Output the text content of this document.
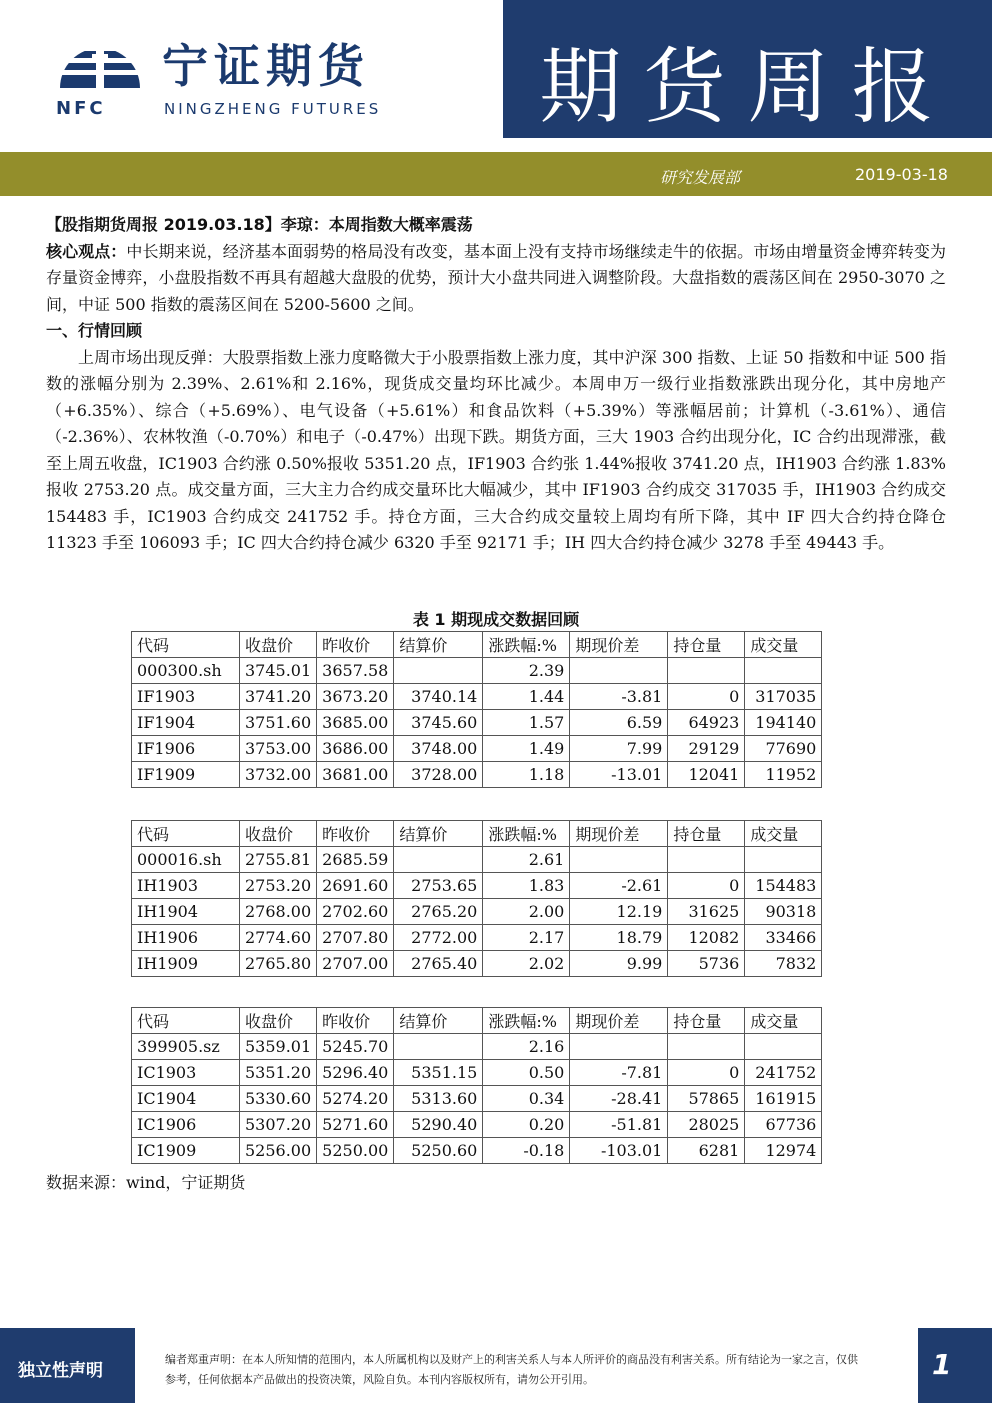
NFC
宁证期货
NINGZHENG FUTURES	期货周报
研究发展部	2019-03-18

【股指期货周报 2019.03.18】李琼：本周指数大概率震荡

核心观点：中长期来说，经济基本面弱势的格局没有改变，基本面上没有支持市场继续走牛的依据。市场由增量资金博弈转变为存量资金博弈，小盘股指数不再具有超越大盘股的优势，预计大小盘共同进入调整阶段。大盘指数的震荡区间在 2950-3070 之间，中证 500 指数的震荡区间在 5200-5600 之间。

一、行情回顾

上周市场出现反弹：大股票指数上涨力度略微大于小股票指数上涨力度，其中沪深 300 指数、上证 50 指数和中证 500 指数的涨幅分别为 2.39%、2.61%和 2.16%，现货成交量均环比减少。本周申万一级行业指数涨跌出现分化，其中房地产（+6.35%）、综合（+5.69%）、电气设备（+5.61%）和食品饮料（+5.39%）等涨幅居前；计算机（-3.61%）、通信（-2.36%）、农林牧渔（-0.70%）和电子（-0.47%）出现下跌。期货方面，三大 1903 合约出现分化，IC 合约出现滞涨，截至上周五收盘，IC1903 合约涨 0.50%报收 5351.20 点，IF1903 合约张 1.44%报收 3741.20 点，IH1903 合约涨 1.83%报收 2753.20 点。成交量方面，三大主力合约成交量环比大幅减少，其中 IF1903 合约成交 317035 手，IH1903 合约成交 154483 手，IC1903 合约成交 241752 手。持仓方面，三大合约成交量较上周均有所下降，其中 IF 四大合约持仓降仓 11323 手至 106093 手；IC 四大合约持仓减少 6320 手至 92171 手；IH 四大合约持仓减少 3278 手至 49443 手。

表 1 期现成交数据回顾
代码	收盘价	昨收价	结算价	涨跌幅:%	期现价差	持仓量	成交量
000300.sh	3745.01	3657.58		2.39			
IF1903	3741.20	3673.20	3740.14	1.44	-3.81	0	317035
IF1904	3751.60	3685.00	3745.60	1.57	6.59	64923	194140
IF1906	3753.00	3686.00	3748.00	1.49	7.99	29129	77690
IF1909	3732.00	3681.00	3728.00	1.18	-13.01	12041	11952
代码	收盘价	昨收价	结算价	涨跌幅:%	期现价差	持仓量	成交量
000016.sh	2755.81	2685.59		2.61			
IH1903	2753.20	2691.60	2753.65	1.83	-2.61	0	154483
IH1904	2768.00	2702.60	2765.20	2.00	12.19	31625	90318
IH1906	2774.60	2707.80	2772.00	2.17	18.79	12082	33466
IH1909	2765.80	2707.00	2765.40	2.02	9.99	5736	7832
代码	收盘价	昨收价	结算价	涨跌幅:%	期现价差	持仓量	成交量
399905.sz	5359.01	5245.70		2.16			
IC1903	5351.20	5296.40	5351.15	0.50	-7.81	0	241752
IC1904	5330.60	5274.20	5313.60	0.34	-28.41	57865	161915
IC1906	5307.20	5271.60	5290.40	0.20	-51.81	28025	67736
IC1909	5256.00	5250.00	5250.60	-0.18	-103.01	6281	12974
数据来源：wind，宁证期货
独立性声明
编者郑重声明：在本人所知情的范围内，本人所属机构以及财产上的利害关系人与本人所评价的商品没有利害关系。所有结论为一家之言，仅供参考，任何依据本产品做出的投资决策，风险自负。本刊内容版权所有，请勿公开引用。	1
